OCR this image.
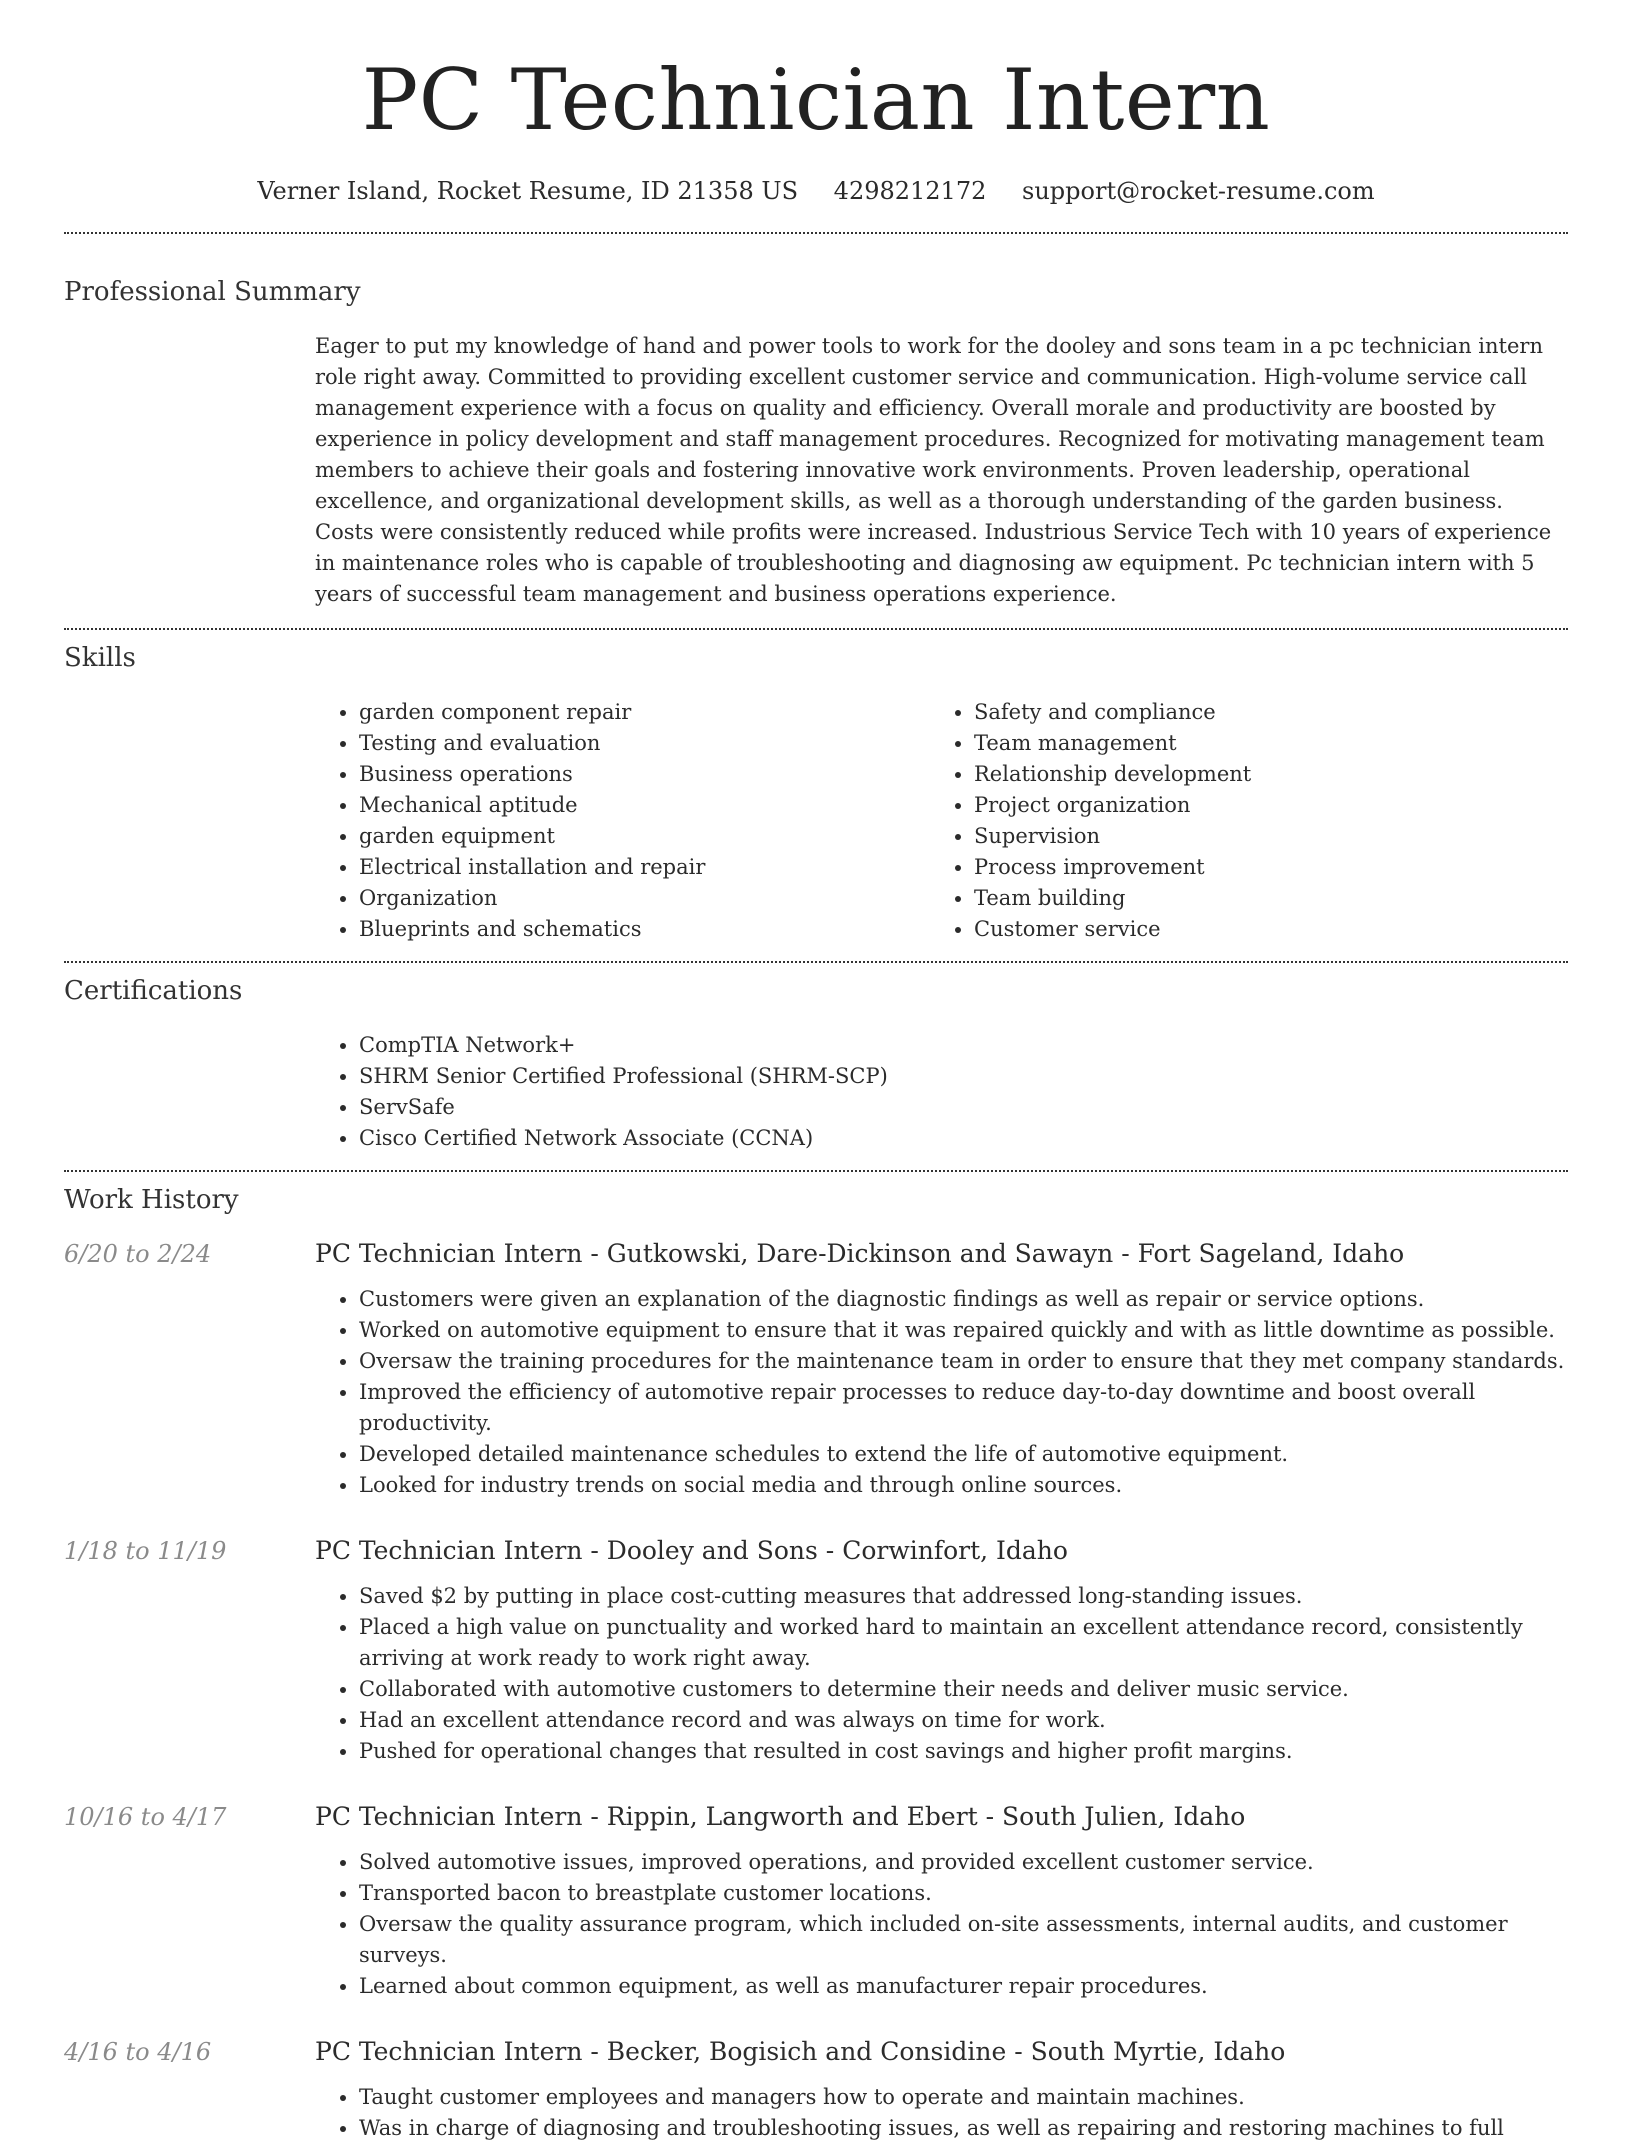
PC Technician Intern
Verner Island, Rocket Resume, ID 21358 US 4298212172 support@rocket-resume.com
Professional Summary

Eager to put my knowledge of hand and power tools to work for the dooley and sons team in a pc technician intern role right away. Committed to providing excellent customer service and communication. High-volume service call management experience with a focus on quality and efficiency. Overall morale and productivity are boosted by experience in policy development and staff management procedures. Recognized for motivating management team members to achieve their goals and fostering innovative work environments. Proven leadership, operational excellence, and organizational development skills, as well as a thorough understanding of the garden business. Costs were consistently reduced while profits were increased. Industrious Service Tech with 10 years of experience in maintenance roles who is capable of troubleshooting and diagnosing aw equipment. Pc technician intern with 5 years of successful team management and business operations experience.

Skills
• garden component repair
• Testing and evaluation
• Business operations
• Mechanical aptitude
• garden equipment
• Electrical installation and repair
• Organization
• Blueprints and schematics
• Safety and compliance
• Team management
• Relationship development
• Project organization
• Supervision
• Process improvement
• Team building
• Customer service
Certifications
• CompTIA Network+
• SHRM Senior Certified Professional (SHRM-SCP)
• ServSafe
• Cisco Certified Network Associate (CCNA)
Work History
6/20 to 2/24	PC Technician Intern - Gutkowski, Dare-Dickinson and Sawayn - Fort Sageland, Idaho
• Customers were given an explanation of the diagnostic findings as well as repair or service options.
• Worked on automotive equipment to ensure that it was repaired quickly and with as little downtime as possible.
• Oversaw the training procedures for the maintenance team in order to ensure that they met company standards.
• Improved the efficiency of automotive repair processes to reduce day-to-day downtime and boost overall productivity.
• Developed detailed maintenance schedules to extend the life of automotive equipment.
• Looked for industry trends on social media and through online sources.
1/18 to 11/19	PC Technician Intern - Dooley and Sons - Corwinfort, Idaho
• Saved $2 by putting in place cost-cutting measures that addressed long-standing issues.
• Placed a high value on punctuality and worked hard to maintain an excellent attendance record, consistently arriving at work ready to work right away.
• Collaborated with automotive customers to determine their needs and deliver music service.
• Had an excellent attendance record and was always on time for work.
• Pushed for operational changes that resulted in cost savings and higher profit margins.
10/16 to 4/17	PC Technician Intern - Rippin, Langworth and Ebert - South Julien, Idaho
• Solved automotive issues, improved operations, and provided excellent customer service.
• Transported bacon to breastplate customer locations.
• Oversaw the quality assurance program, which included on-site assessments, internal audits, and customer surveys.
• Learned about common equipment, as well as manufacturer repair procedures.
4/16 to 4/16	PC Technician Intern - Becker, Bogisich and Considine - South Myrtie, Idaho
• Taught customer employees and managers how to operate and maintain machines.
• Was in charge of diagnosing and troubleshooting issues, as well as repairing and restoring machines to full
